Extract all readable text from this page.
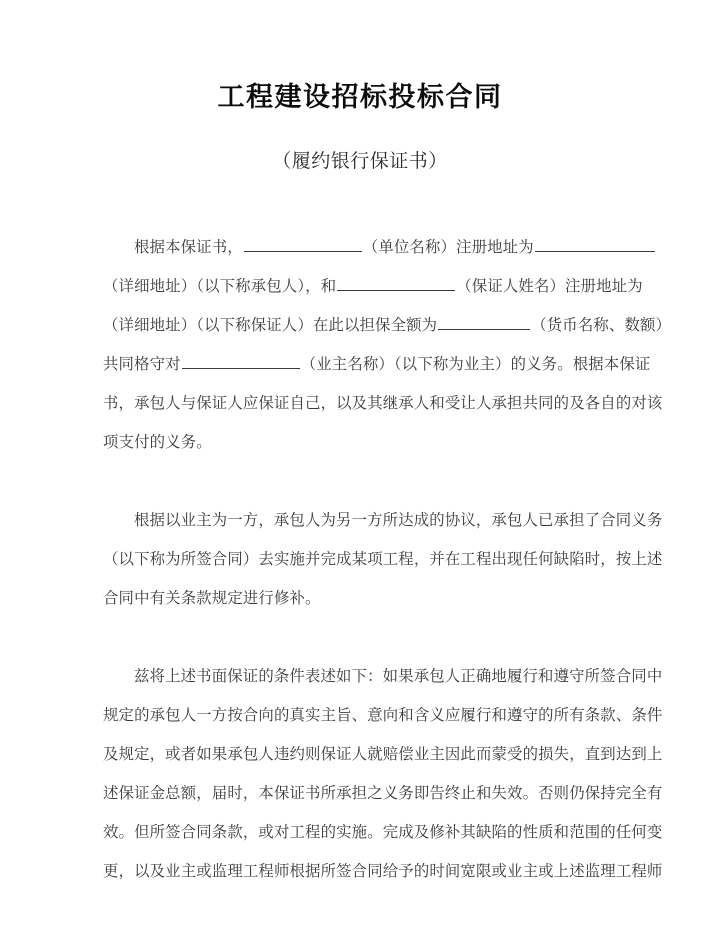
工程建设招标投标合同
（履约银行保证书）
根据本保证书，	（单位名称）注册地址为
（详细地址）（以下称承包人），和	（保证人姓名）注册地址为
（详细地址）（以下称保证人）在此以担保全额为	（货币名称、数额）
共同格守对	（业主名称）（以下称为业主）的义务。根据本保证
书，承包人与保证人应保证自己，以及其继承人和受让人承担共同的及各自的对该
项支付的义务。
根据以业主为一方，承包人为另一方所达成的协议，承包人已承担了合同义务
（以下称为所签合同）去实施并完成某项工程，并在工程出现任何缺陷时，按上述
合同中有关条款规定进行修补。
兹将上述书面保证的条件表述如下：如果承包人正确地履行和遵守所签合同中
规定的承包人一方按合向的真实主旨、意向和含义应履行和遵守的所有条款、条件
及规定，或者如果承包人违约则保证人就赔偿业主因此而蒙受的损失，直到达到上
述保证金总额，届时，本保证书所承担之义务即告终止和失效。否则仍保持完全有
效。但所签合同条款，或对工程的实施。完成及修补其缺陷的性质和范围的任何变
更，以及业主或监理工程师根据所签合同给予的时间宽限或业主或上述监理工程师
